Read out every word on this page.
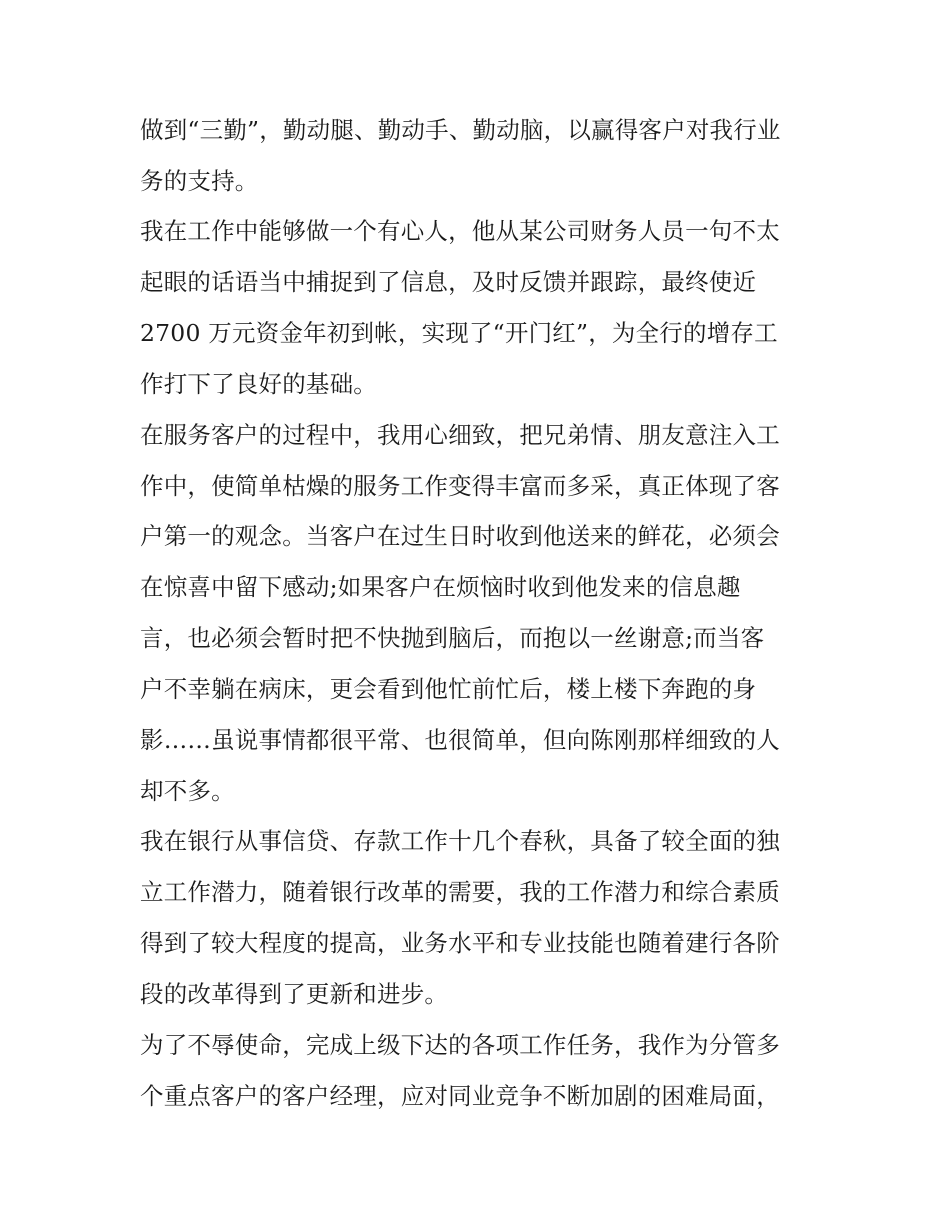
做到“三勤”，勤动腿、勤动手、勤动脑，以赢得客户对我行业
务的支持。
我在工作中能够做一个有心人，他从某公司财务人员一句不太
起眼的话语当中捕捉到了信息，及时反馈并跟踪，最终使近
2700 万元资金年初到帐，实现了“开门红”，为全行的增存工
作打下了良好的基础。
在服务客户的过程中，我用心细致，把兄弟情、朋友意注入工
作中，使简单枯燥的服务工作变得丰富而多采，真正体现了客
户第一的观念。当客户在过生日时收到他送来的鲜花，必须会
在惊喜中留下感动;如果客户在烦恼时收到他发来的信息趣
言，也必须会暂时把不快抛到脑后，而抱以一丝谢意;而当客
户不幸躺在病床，更会看到他忙前忙后，楼上楼下奔跑的身
影……虽说事情都很平常、也很简单，但向陈刚那样细致的人
却不多。
我在银行从事信贷、存款工作十几个春秋，具备了较全面的独
立工作潜力，随着银行改革的需要，我的工作潜力和综合素质
得到了较大程度的提高，业务水平和专业技能也随着建行各阶
段的改革得到了更新和进步。
为了不辱使命，完成上级下达的各项工作任务，我作为分管多
个重点客户的客户经理，应对同业竞争不断加剧的困难局面，
